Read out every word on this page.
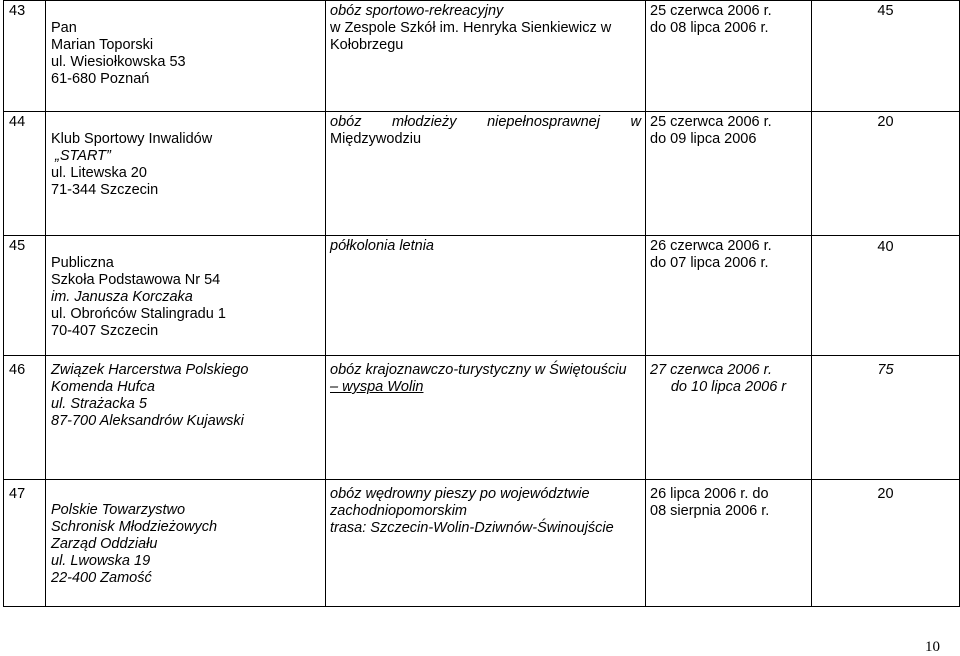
43	Pan
Marian Toporski
ul. Wiesiołkowska 53
61-680 Poznań	obóz sportowo-rekreacyjny
w Zespole Szkół im. Henryka Sienkiewicz w
Kołobrzegu	25 czerwca 2006 r.
do 08 lipca 2006 r.	45
44	Klub Sportowy Inwalidów
„START”
ul. Litewska 20
71-344 Szczecin	obóz młodzieży niepełnosprawnej w
Międzywodziu	25 czerwca 2006 r.
do 09 lipca 2006	20
45	Publiczna
Szkoła Podstawowa Nr 54
im. Janusza Korczaka
ul. Obrońców Stalingradu 1
70-407 Szczecin	półkolonia letnia	26 czerwca 2006 r.
do 07 lipca 2006 r.	40
46	Związek Harcerstwa Polskiego
Komenda Hufca
ul. Strażacka 5
87-700 Aleksandrów Kujawski	obóz krajoznawczo-turystyczny w Świętouściu
– wyspa Wolin	27 czerwca 2006 r.
do 10 lipca 2006 r	75
47	Polskie Towarzystwo
Schronisk Młodzieżowych
Zarząd Oddziału
ul. Lwowska 19
22-400 Zamość	obóz wędrowny pieszy po województwie
zachodniopomorskim
trasa: Szczecin-Wolin-Dziwnów-Świnoujście	26 lipca 2006 r. do
08 sierpnia 2006 r.	20
10
